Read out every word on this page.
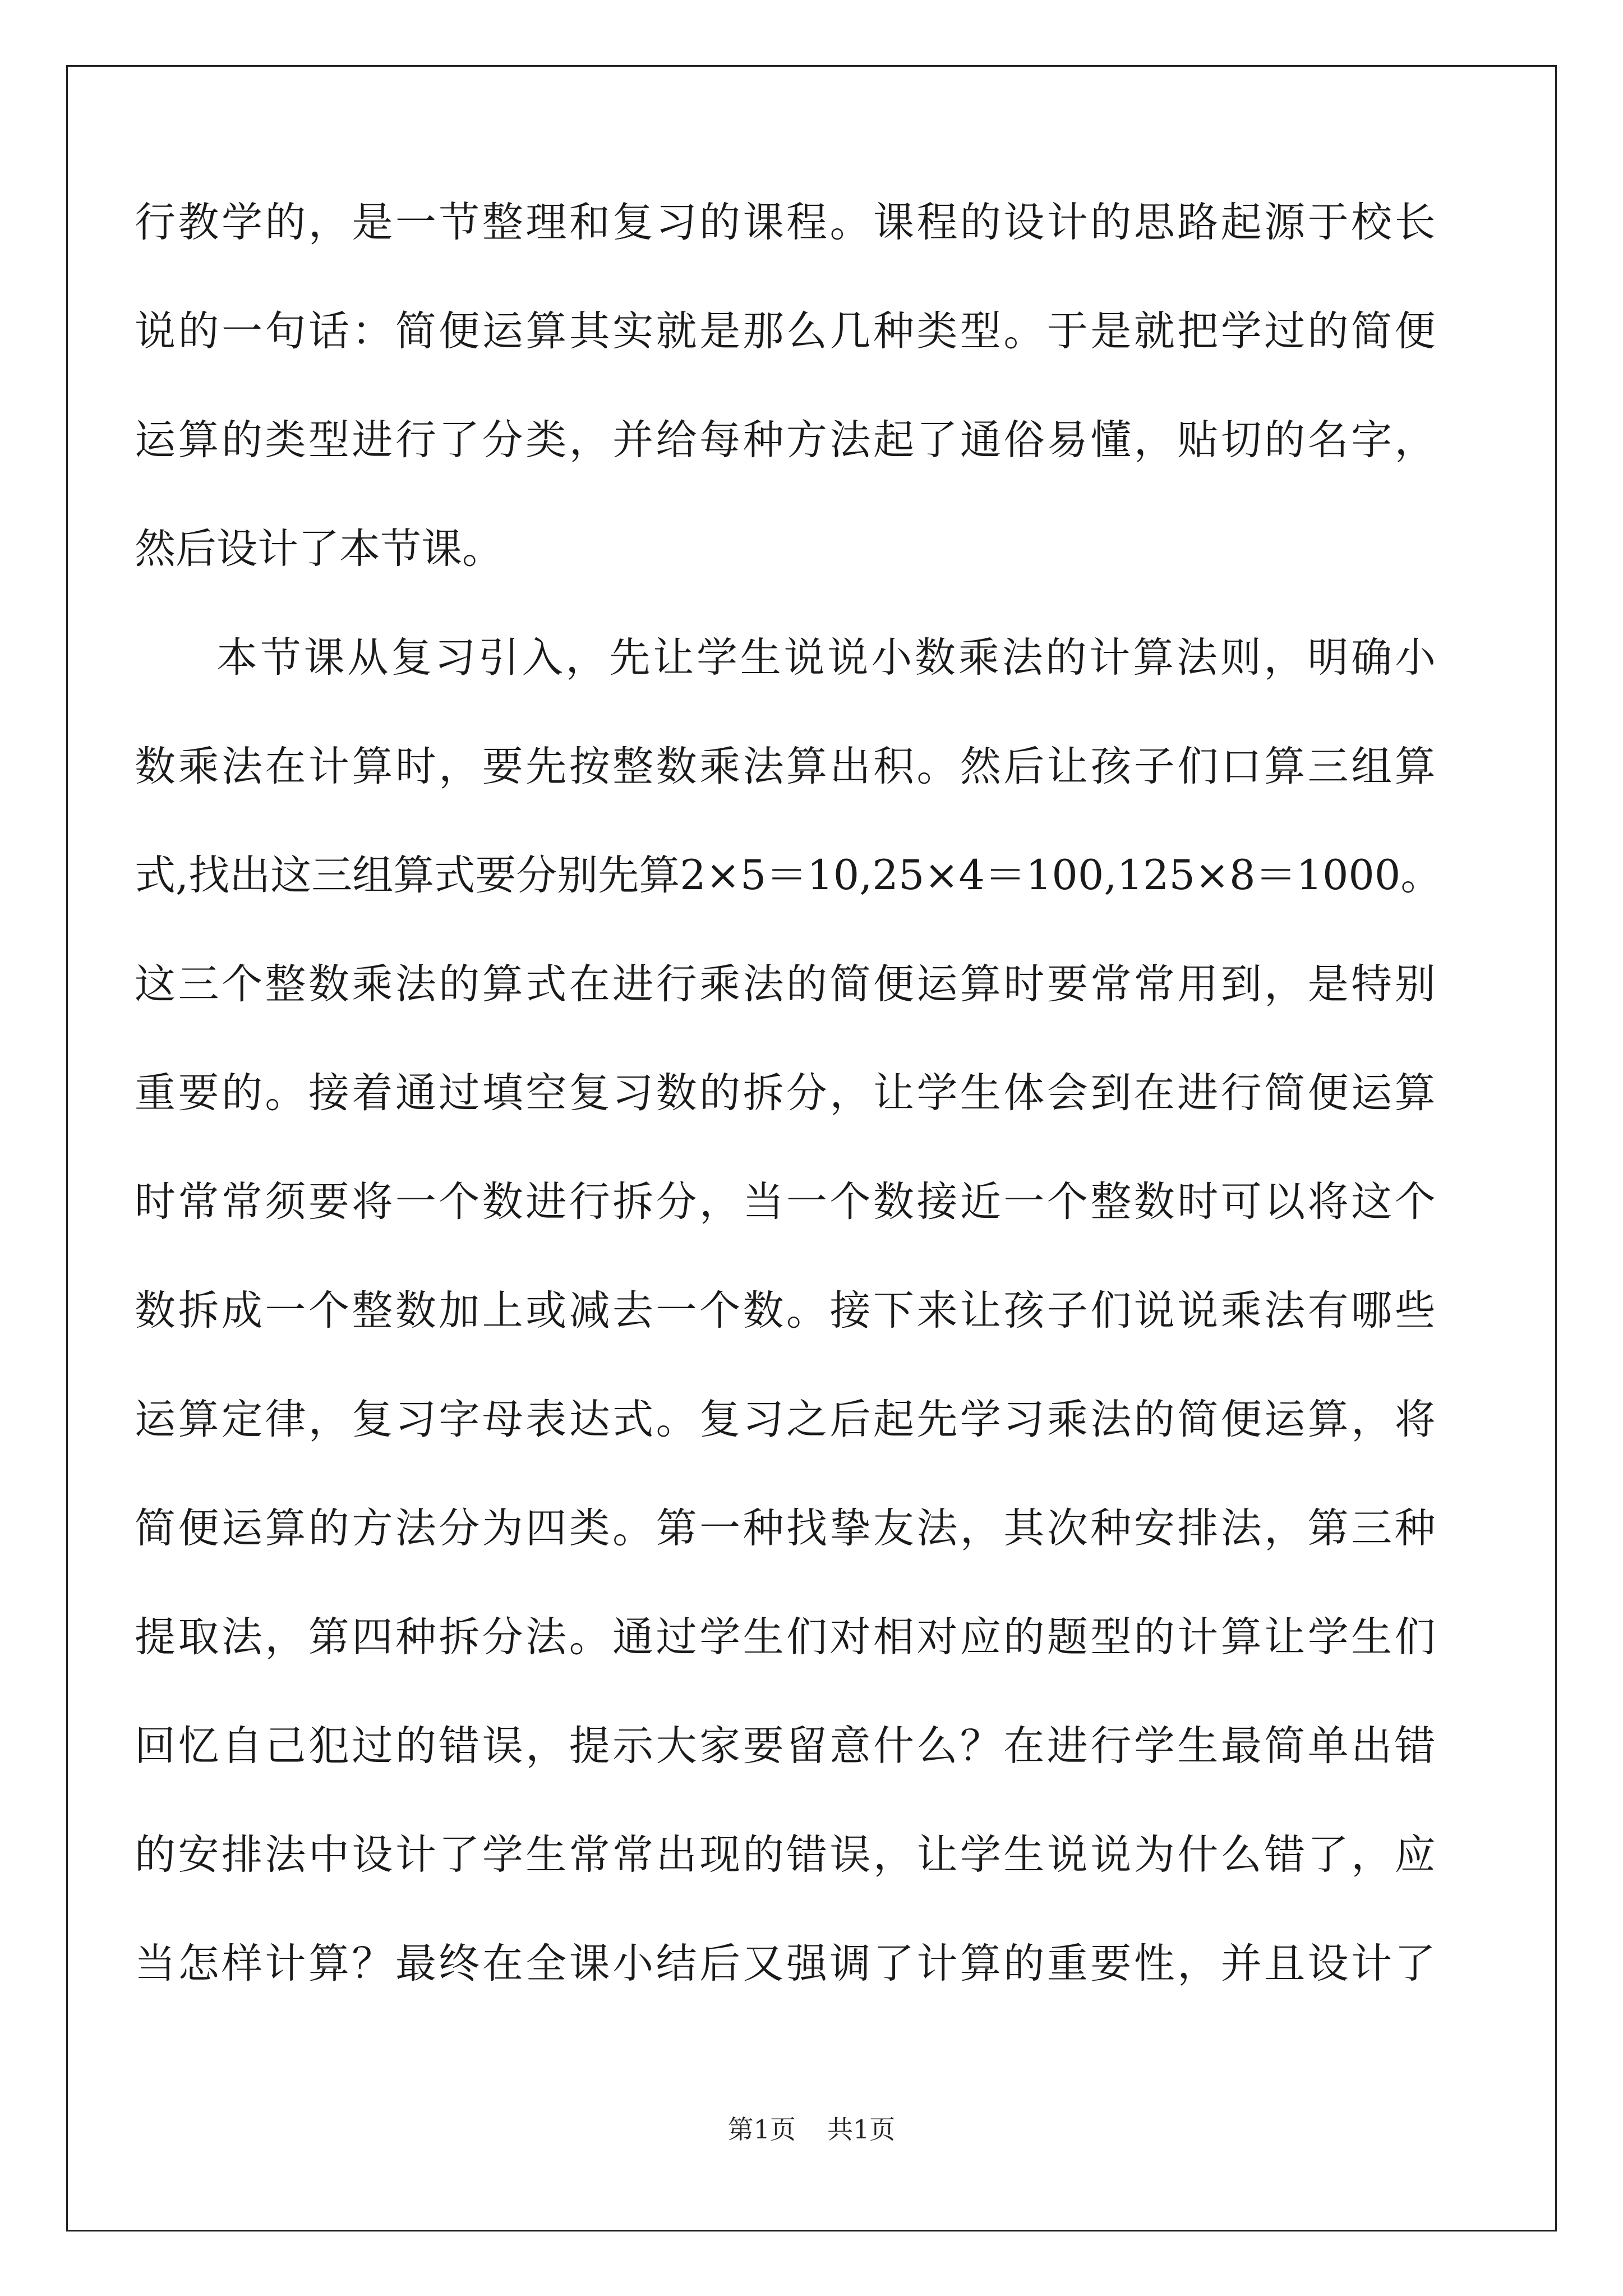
行 教 学 的 ， 是 一 节 整 理 和 复 习 的 课 程 。 课 程 的 设 计 的 思 路 起 源 于 校 长
说 的 一 句 话 ： 简 便 运 算 其 实 就 是 那 么 几 种 类 型 。 于 是 就 把 学 过 的 简 便
运 算 的 类 型 进 行 了 分 类 ， 并 给 每 种 方 法 起 了 通 俗 易 懂 ， 贴 切 的 名 字 ，
然后设计了本节课。
本 节 课 从 复 习 引 入 ， 先 让 学 生 说 说 小 数 乘 法 的 计 算 法 则 ， 明 确 小
数 乘 法 在 计 算 时 ， 要 先 按 整 数 乘 法 算 出 积 。 然 后 让 孩 子 们 口 算 三 组 算
式 , 找 出 这 三 组 算 式 要 分 别 先 算 2 × 5 ＝ 1 0 , 2 5 × 4 ＝ 1 0 0 , 1 2 5 × 8 ＝ 1 0 0 0 。
这 三 个 整 数 乘 法 的 算 式 在 进 行 乘 法 的 简 便 运 算 时 要 常 常 用 到 ， 是 特 别
重 要 的 。 接 着 通 过 填 空 复 习 数 的 拆 分 ， 让 学 生 体 会 到 在 进 行 简 便 运 算
时 常 常 须 要 将 一 个 数 进 行 拆 分 ， 当 一 个 数 接 近 一 个 整 数 时 可 以 将 这 个
数 拆 成 一 个 整 数 加 上 或 减 去 一 个 数 。 接 下 来 让 孩 子 们 说 说 乘 法 有 哪 些
运 算 定 律 ， 复 习 字 母 表 达 式 。 复 习 之 后 起 先 学 习 乘 法 的 简 便 运 算 ， 将
简 便 运 算 的 方 法 分 为 四 类 。 第 一 种 找 挚 友 法 ， 其 次 种 安 排 法 ， 第 三 种
提 取 法 ， 第 四 种 拆 分 法 。 通 过 学 生 们 对 相 对 应 的 题 型 的 计 算 让 学 生 们
回 忆 自 己 犯 过 的 错 误 ， 提 示 大 家 要 留 意 什 么 ？ 在 进 行 学 生 最 简 单 出 错
的 安 排 法 中 设 计 了 学 生 常 常 出 现 的 错 误 ， 让 学 生 说 说 为 什 么 错 了 ， 应
当 怎 样 计 算 ？ 最 终 在 全 课 小 结 后 又 强 调 了 计 算 的 重 要 性 ， 并 且 设 计 了
第1页 共1页
